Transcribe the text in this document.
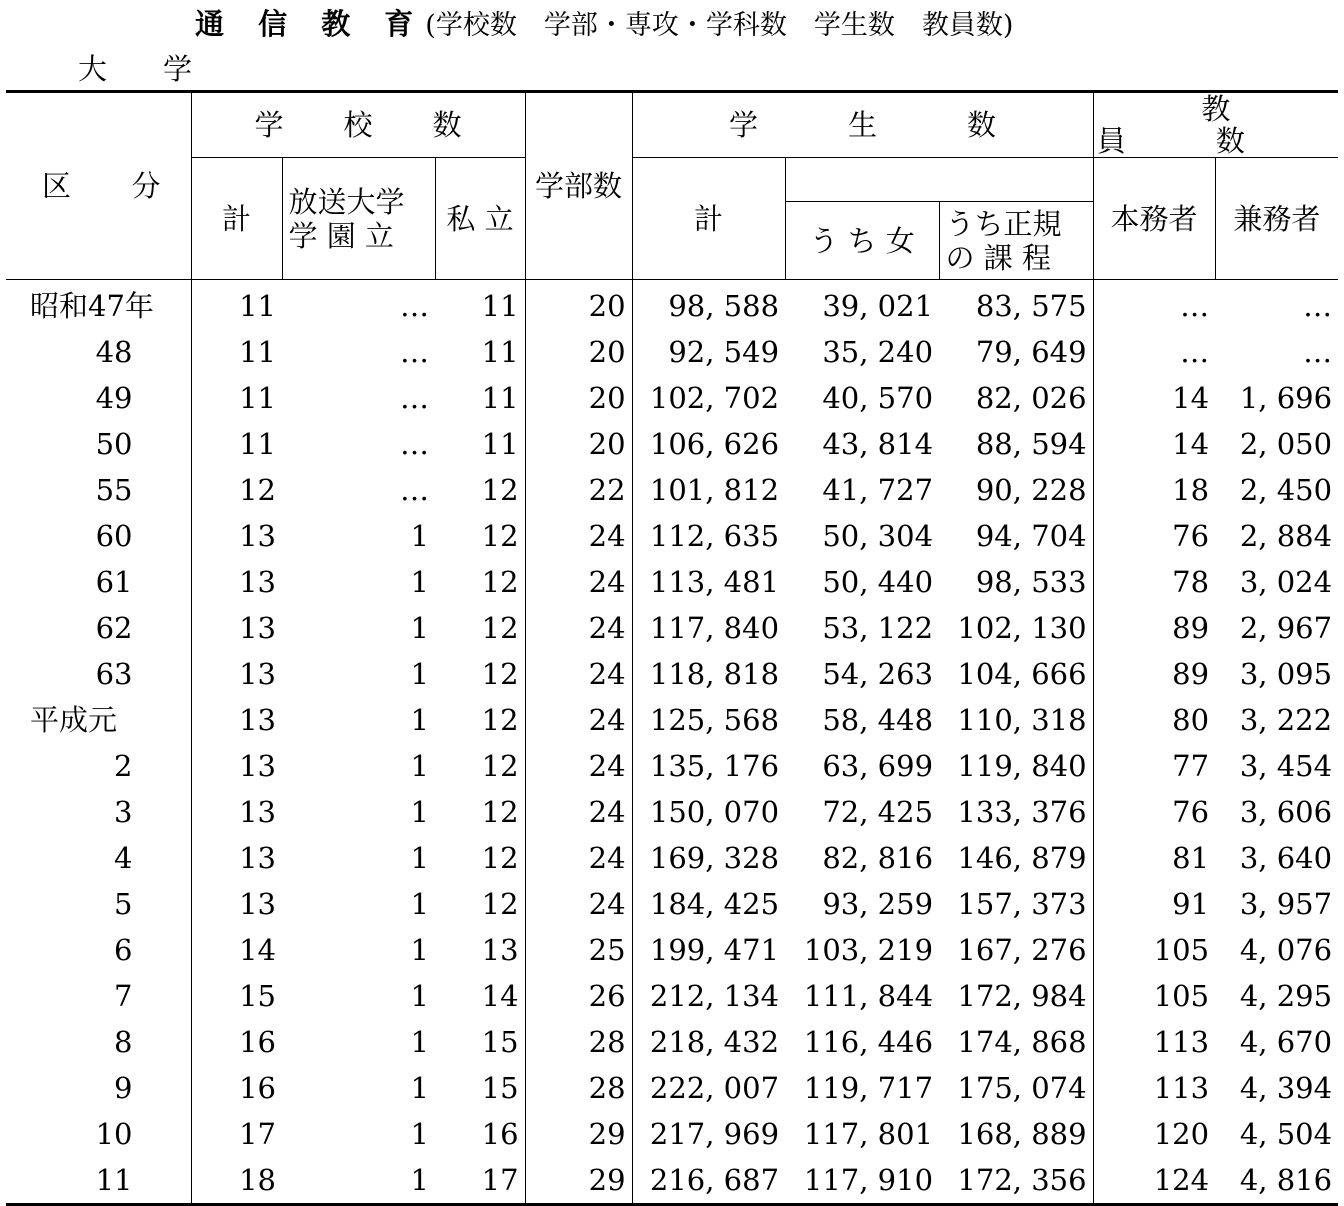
通 信 教 育(学校数　学部・専攻・学科数　学生数　教員数)
大学
区 分	学校数			学部数	学生数			教員数	
	計	放送大学
学 園 立	私 立		計			本務者	兼務者
						う ち 女	うち正規
の 課 程		

昭和47年	11	…	11	20	98, 588	39, 021	83, 575	…	…
48	11	…	11	20	92, 549	35, 240	79, 649	…	…
49	11	…	11	20	102, 702	40, 570	82, 026	14	1, 696
50	11	…	11	20	106, 626	43, 814	88, 594	14	2, 050
55	12	…	12	22	101, 812	41, 727	90, 228	18	2, 450
60	13	1	12	24	112, 635	50, 304	94, 704	76	2, 884
61	13	1	12	24	113, 481	50, 440	98, 533	78	3, 024
62	13	1	12	24	117, 840	53, 122	102, 130	89	2, 967
63	13	1	12	24	118, 818	54, 263	104, 666	89	3, 095
平成元	13	1	12	24	125, 568	58, 448	110, 318	80	3, 222
2	13	1	12	24	135, 176	63, 699	119, 840	77	3, 454
3	13	1	12	24	150, 070	72, 425	133, 376	76	3, 606
4	13	1	12	24	169, 328	82, 816	146, 879	81	3, 640
5	13	1	12	24	184, 425	93, 259	157, 373	91	3, 957
6	14	1	13	25	199, 471	103, 219	167, 276	105	4, 076
7	15	1	14	26	212, 134	111, 844	172, 984	105	4, 295
8	16	1	15	28	218, 432	116, 446	174, 868	113	4, 670
9	16	1	15	28	222, 007	119, 717	175, 074	113	4, 394
10	17	1	16	29	217, 969	117, 801	168, 889	120	4, 504
11	18	1	17	29	216, 687	117, 910	172, 356	124	4, 816
